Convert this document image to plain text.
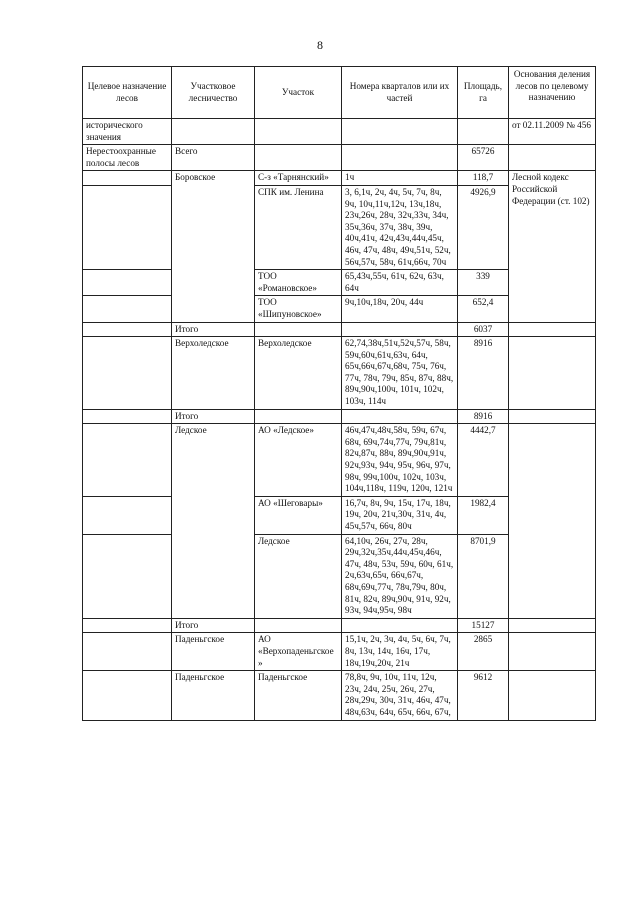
8
Целевое назначение лесов	Участковое лесничество	Участок	Номера кварталов или их частей	Площадь, га	Основания деления лесов по целевому назначению
исторического значения					от 02.11.2009 № 456
Нерестоохранные полосы лесов	Всего			65726	
	Боровское	С-з «Тарнянский»	1ч	118,7	Лесной кодекс Российской Федерации (ст. 102)
		СПК им. Ленина	3, 6,1ч, 2ч, 4ч, 5ч, 7ч, 8ч, 9ч, 10ч,11ч,12ч, 13ч,18ч, 23ч,26ч, 28ч, 32ч,33ч, 34ч, 35ч,36ч, 37ч, 38ч, 39ч, 40ч,41ч, 42ч,43ч,44ч,45ч, 46ч, 47ч, 48ч, 49ч,51ч, 52ч, 56ч,57ч, 58ч, 61ч,66ч, 70ч	4926,9	
		ТОО «Романовское»	65,43ч,55ч, 61ч, 62ч, 63ч, 64ч	339	
		ТОО «Шипуновское»	9ч,10ч,18ч, 20ч, 44ч	652,4	
	Итого			6037	
	Верхоледское	Верхоледское	62,74,38ч,51ч,52ч,57ч, 58ч, 59ч,60ч,61ч,63ч, 64ч, 65ч,66ч,67ч,68ч, 75ч, 76ч, 77ч, 78ч, 79ч, 85ч, 87ч, 88ч, 89ч,90ч,100ч, 101ч, 102ч, 103ч, 114ч	8916	
	Итого			8916	
	Ледское	АО «Ледское»	46ч,47ч,48ч,58ч, 59ч, 67ч, 68ч, 69ч,74ч,77ч, 79ч,81ч, 82ч,87ч, 88ч, 89ч,90ч,91ч, 92ч,93ч, 94ч, 95ч, 96ч, 97ч, 98ч, 99ч,100ч, 102ч, 103ч, 104ч,118ч, 119ч, 120ч, 121ч	4442,7	
		АО «Шеговары»	16,7ч, 8ч, 9ч, 15ч, 17ч, 18ч, 19ч, 20ч, 21ч,30ч, 31ч, 4ч, 45ч,57ч, 66ч, 80ч	1982,4	
		Ледское	64,10ч, 26ч, 27ч, 28ч, 29ч,32ч,35ч,44ч,45ч,46ч, 47ч, 48ч, 53ч, 59ч, 60ч, 61ч, 2ч,63ч,65ч, 66ч,67ч, 68ч,69ч,77ч, 78ч,79ч, 80ч, 81ч, 82ч, 89ч,90ч, 91ч, 92ч, 93ч, 94ч,95ч, 98ч	8701,9	
	Итого			15127	
	Паденьгское	АО «Верхопаденьгское»	15,1ч, 2ч, 3ч, 4ч, 5ч, 6ч, 7ч, 8ч, 13ч, 14ч, 16ч, 17ч, 18ч,19ч,20ч, 21ч	2865	
	Паденьгское	Паденьгское	78,8ч, 9ч, 10ч, 11ч, 12ч, 23ч, 24ч, 25ч, 26ч, 27ч, 28ч,29ч, 30ч, 31ч, 46ч, 47ч, 48ч,63ч, 64ч, 65ч, 66ч, 67ч,	9612	
